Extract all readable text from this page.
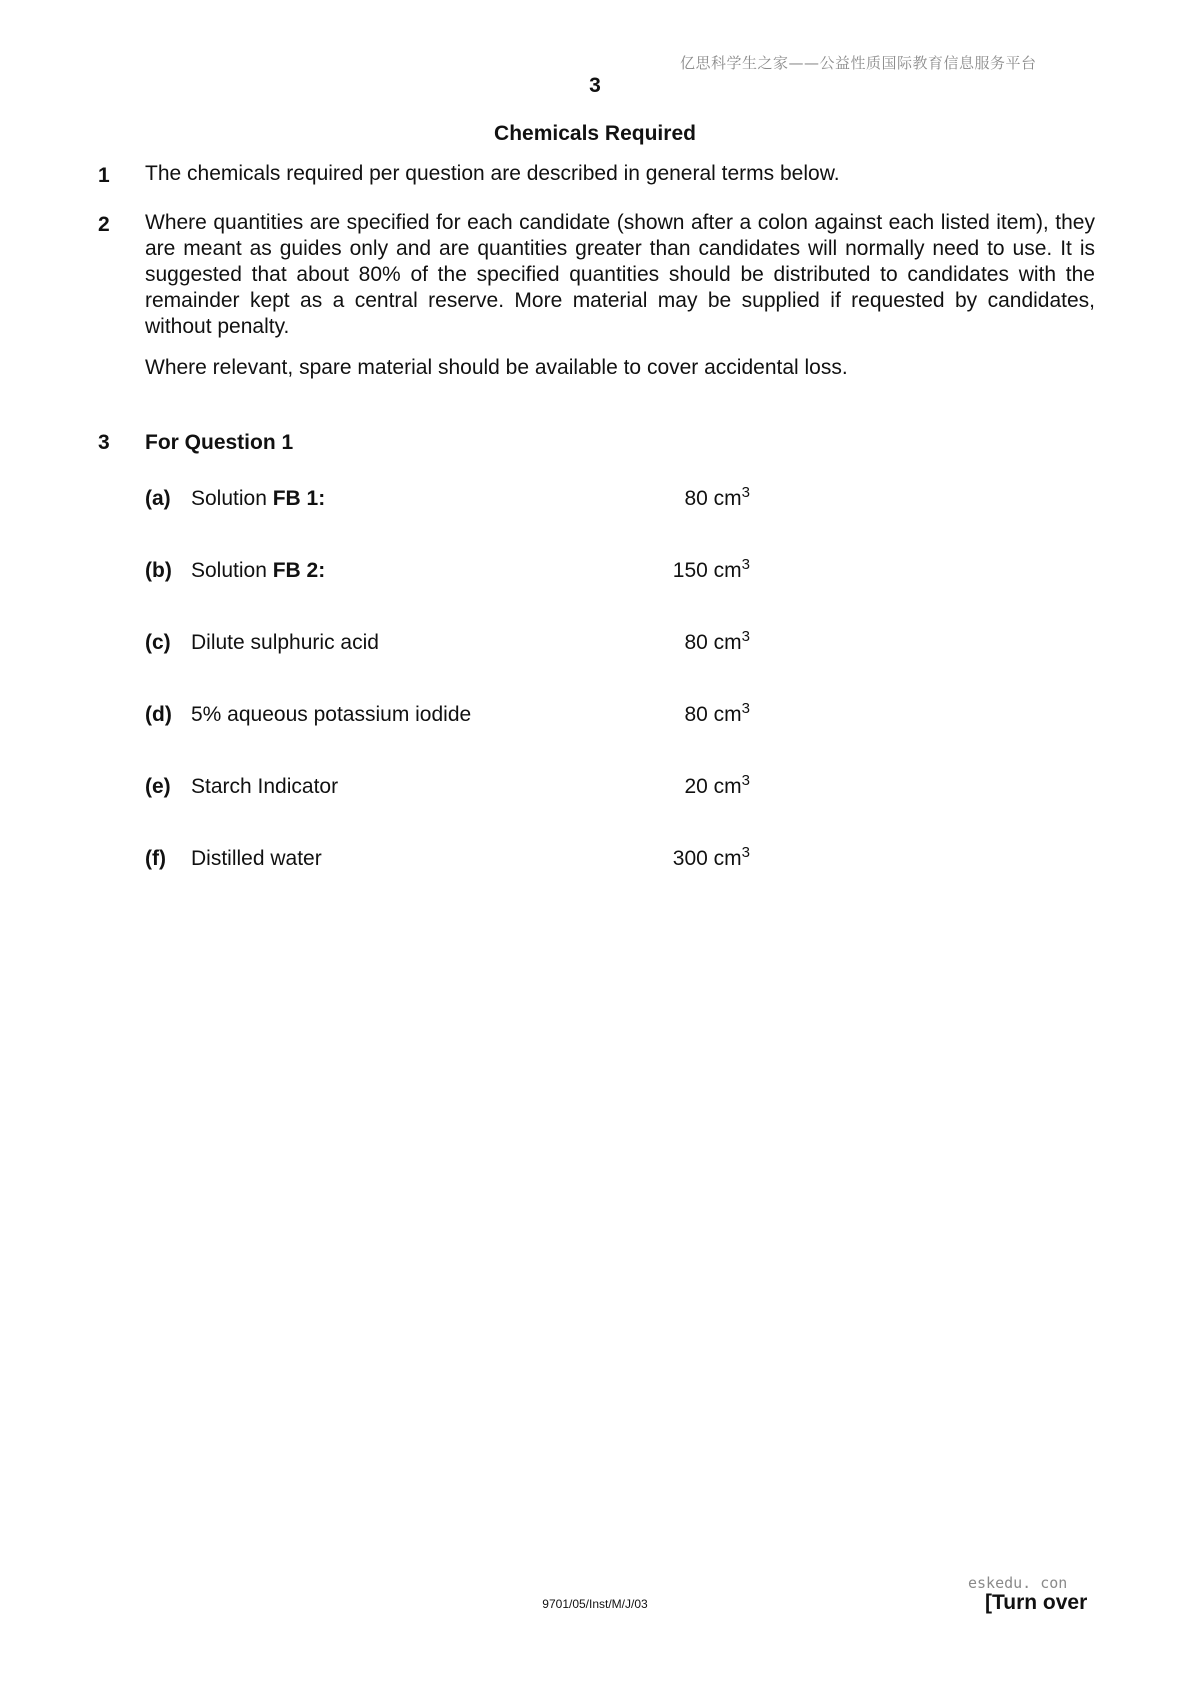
亿思科学生之家——公益性质国际教育信息服务平台
3
Chemicals Required
1 The chemicals required per question are described in general terms below.
2 Where quantities are specified for each candidate (shown after a colon against each listed item), they are meant as guides only and are quantities greater than candidates will normally need to use. It is suggested that about 80% of the specified quantities should be distributed to candidates with the remainder kept as a central reserve. More material may be supplied if requested by candidates, without penalty.
Where relevant, spare material should be available to cover accidental loss.
3 For Question 1
(a) Solution FB 1:	80 $cm^3$
(b) Solution FB 2:	150 $cm^3$
(c) Dilute sulphuric acid	80 $cm^3$
(d) 5% aqueous potassium iodide	80 $cm^3$
(e) Starch Indicator	20 $cm^3$
(f)	Distilled water	300 $cm^3$
9701/05/Inst/M/J/03
eskedu. con
[Turn over
